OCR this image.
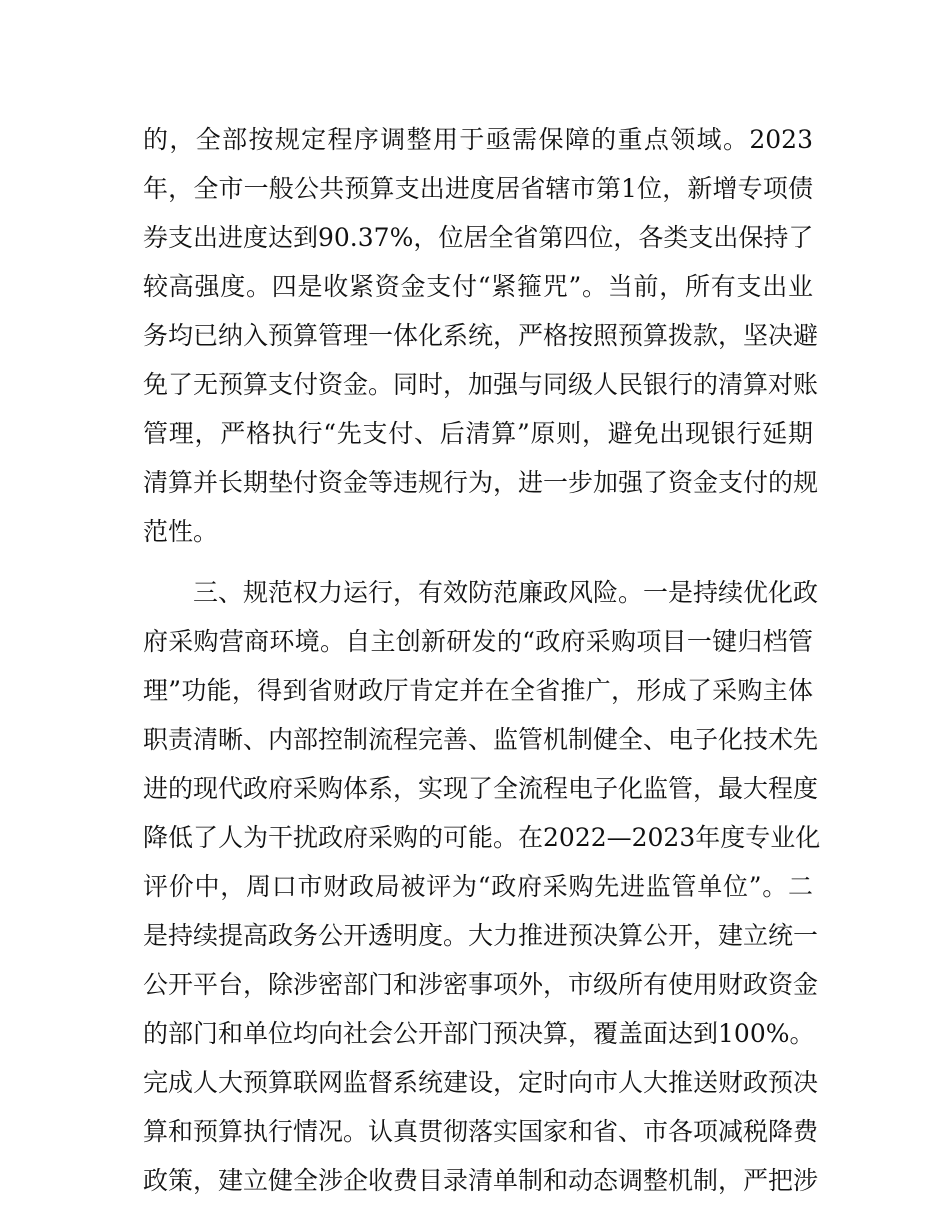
的，全部按规定程序调整用于亟需保障的重点领域。2023
年，全市一般公共预算支出进度居省辖市第1位，新增专项债
券支出进度达到90.37%，位居全省第四位，各类支出保持了
较高强度。四是收紧资金支付“紧箍咒”。当前，所有支出业
务均已纳入预算管理一体化系统，严格按照预算拨款，坚决避
免了无预算支付资金。同时，加强与同级人民银行的清算对账
管理，严格执行“先支付、后清算”原则，避免出现银行延期
清算并长期垫付资金等违规行为，进一步加强了资金支付的规
范性。
　　三、规范权力运行，有效防范廉政风险。一是持续优化政
府采购营商环境。自主创新研发的“政府采购项目一键归档管
理”功能，得到省财政厅肯定并在全省推广，形成了采购主体
职责清晰、内部控制流程完善、监管机制健全、电子化技术先
进的现代政府采购体系，实现了全流程电子化监管，最大程度
降低了人为干扰政府采购的可能。在2022—2023年度专业化
评价中，周口市财政局被评为“政府采购先进监管单位”。二
是持续提高政务公开透明度。大力推进预决算公开，建立统一
公开平台，除涉密部门和涉密事项外，市级所有使用财政资金
的部门和单位均向社会公开部门预决算，覆盖面达到100%。
完成人大预算联网监督系统建设，定时向市人大推送财政预决
算和预算执行情况。认真贯彻落实国家和省、市各项减税降费
政策，建立健全涉企收费目录清单制和动态调整机制，严把涉
